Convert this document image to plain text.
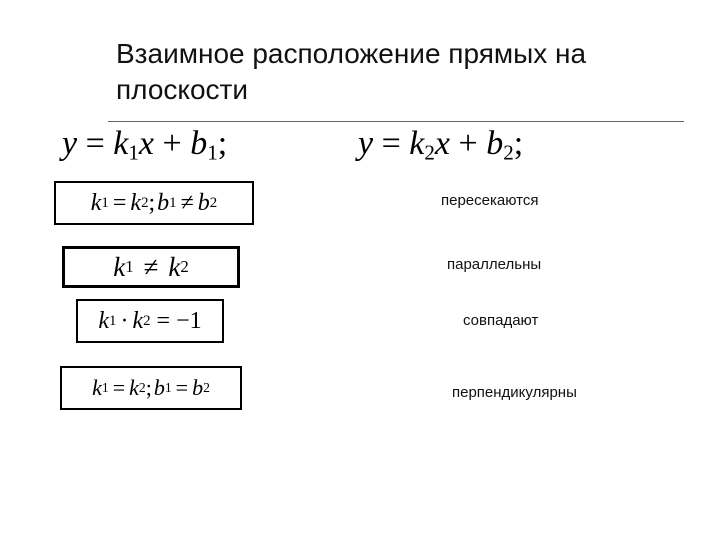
Взаимное расположение прямых на плоскости
$y = k_1x + b_1$;	$y = k_2x + b_2$;
k 1 = k 2 ; b 1 ≠ b 2
k 1 ≠ k 2
k 1 · k 2 = −1
k 1 = k 2 ; b 1 = b 2
пересекаются
параллельны
совпадают
перпендикулярны
